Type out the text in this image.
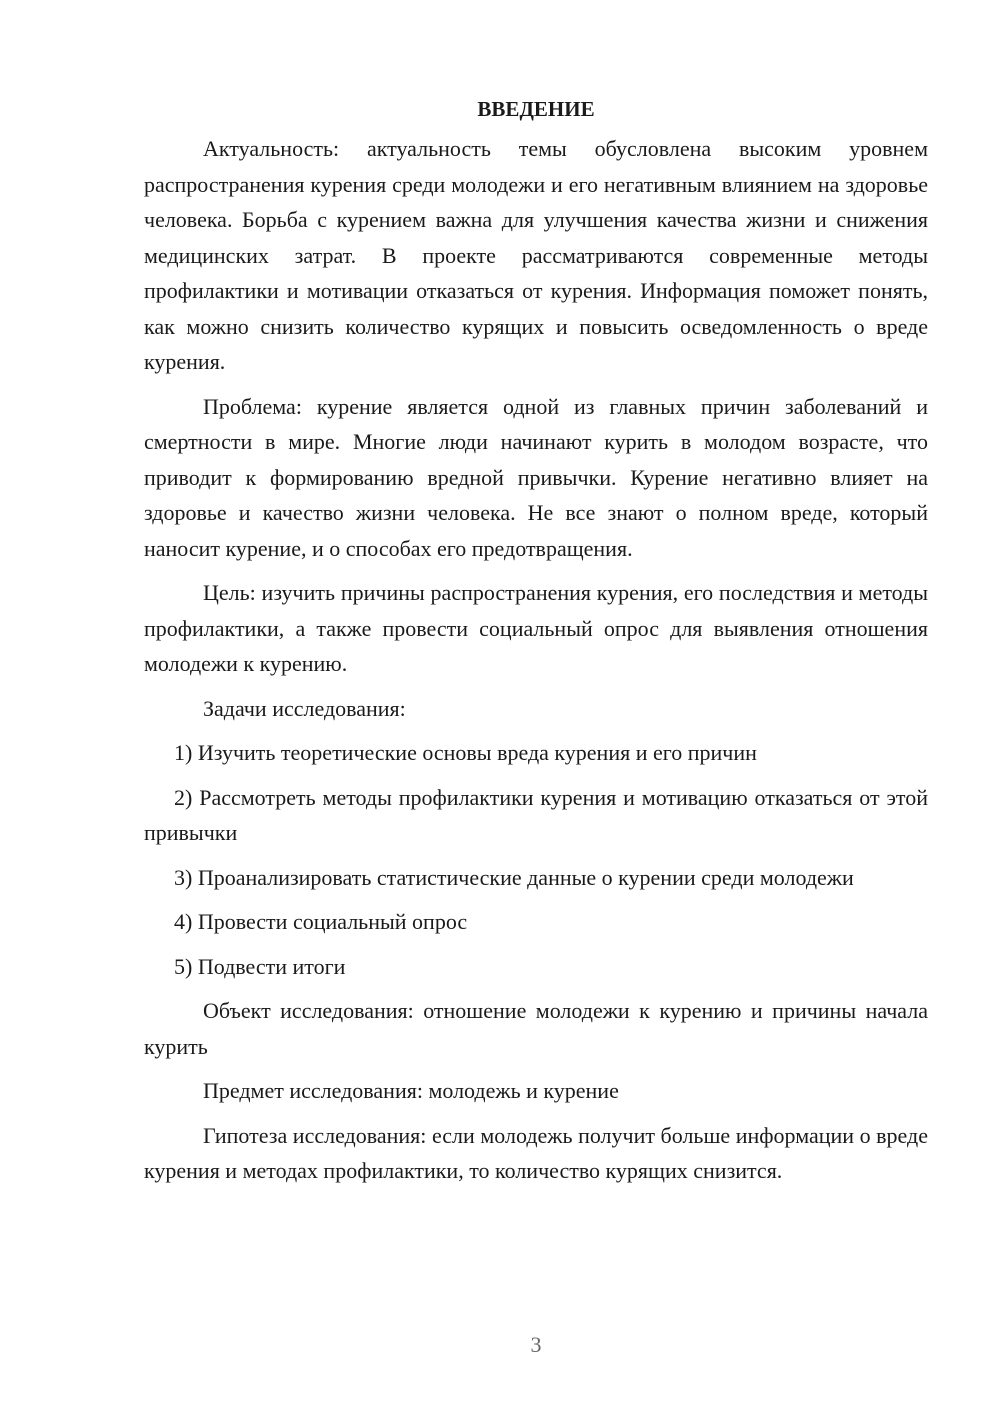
ВВЕДЕНИЕ

Актуальность: актуальность темы обусловлена высоким уровнем распространения курения среди молодежи и его негативным влиянием на здоровье человека. Борьба с курением важна для улучшения качества жизни и снижения медицинских затрат. В проекте рассматриваются современные методы профилактики и мотивации отказаться от курения. Информация поможет понять, как можно снизить количество курящих и повысить осведомленность о вреде курения.

Проблема: курение является одной из главных причин заболеваний и смертности в мире. Многие люди начинают курить в молодом возрасте, что приводит к формированию вредной привычки. Курение негативно влияет на здоровье и качество жизни человека. Не все знают о полном вреде, который наносит курение, и о способах его предотвращения.

Цель: изучить причины распространения курения, его последствия и методы профилактики, а также провести социальный опрос для выявления отношения молодежи к курению.

Задачи исследования:

1) Изучить теоретические основы вреда курения и его причин

2) Рассмотреть методы профилактики курения и мотивацию отказаться от этой привычки

3) Проанализировать статистические данные о курении среди молодежи

4) Провести социальный опрос

5) Подвести итоги

Объект исследования: отношение молодежи к курению и причины начала курить

Предмет исследования: молодежь и курение

Гипотеза исследования: если молодежь получит больше информации о вреде курения и методах профилактики, то количество курящих снизится.

3
